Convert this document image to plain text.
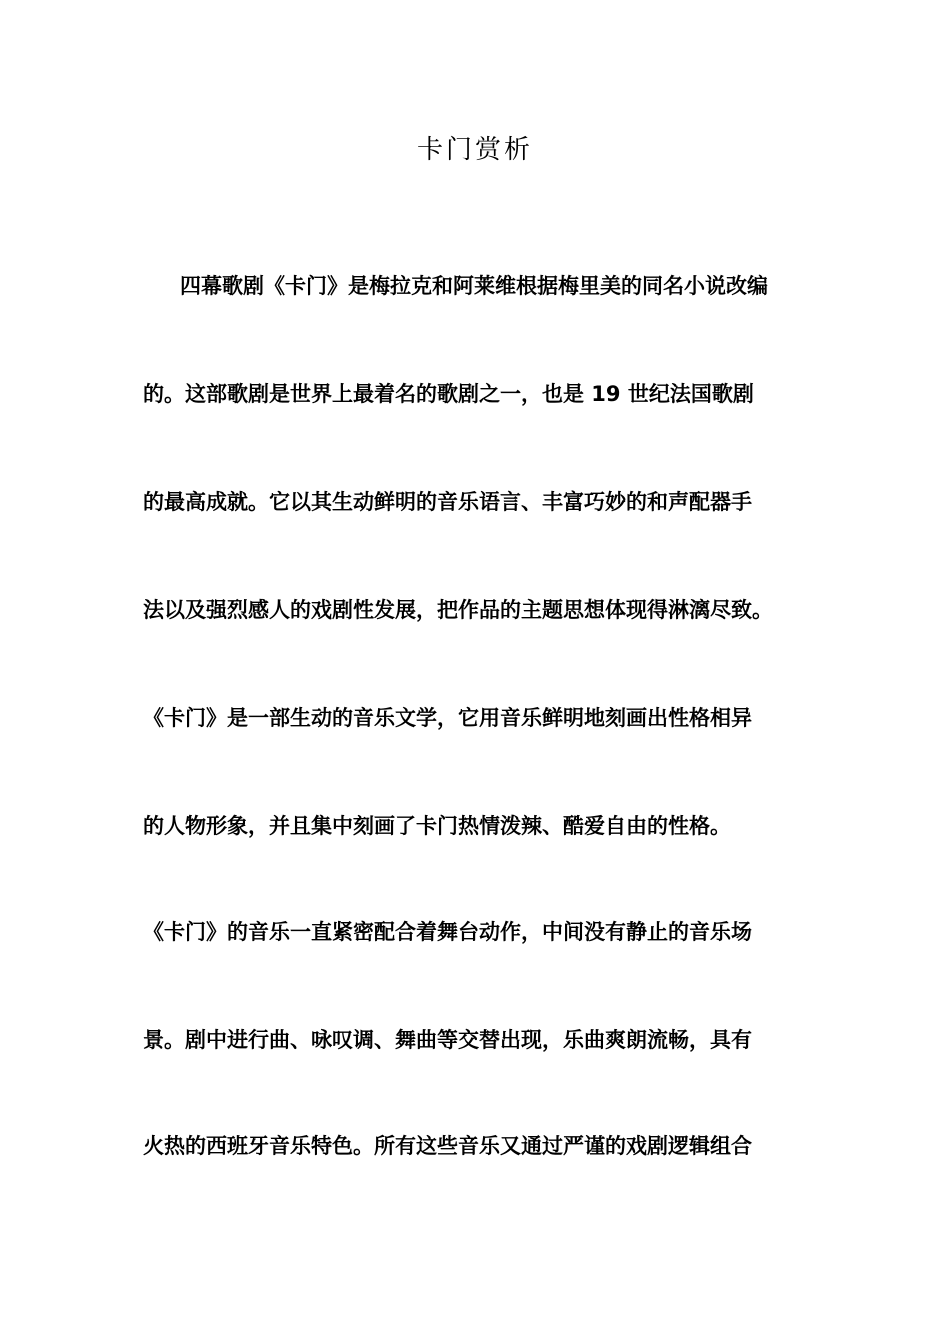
卡门赏析
四幕歌剧《卡门》是梅拉克和阿莱维根据梅里美的同名小说改编
的。这部歌剧是世界上最着名的歌剧之一，也是 19 世纪法国歌剧
的最高成就。它以其生动鲜明的音乐语言、丰富巧妙的和声配器手
法以及强烈感人的戏剧性发展，把作品的主题思想体现得淋漓尽致。
《卡门》是一部生动的音乐文学，它用音乐鲜明地刻画出性格相异
的人物形象，并且集中刻画了卡门热情泼辣、酷爱自由的性格。
《卡门》的音乐一直紧密配合着舞台动作，中间没有静止的音乐场
景。剧中进行曲、咏叹调、舞曲等交替出现，乐曲爽朗流畅，具有
火热的西班牙音乐特色。所有这些音乐又通过严谨的戏剧逻辑组合
